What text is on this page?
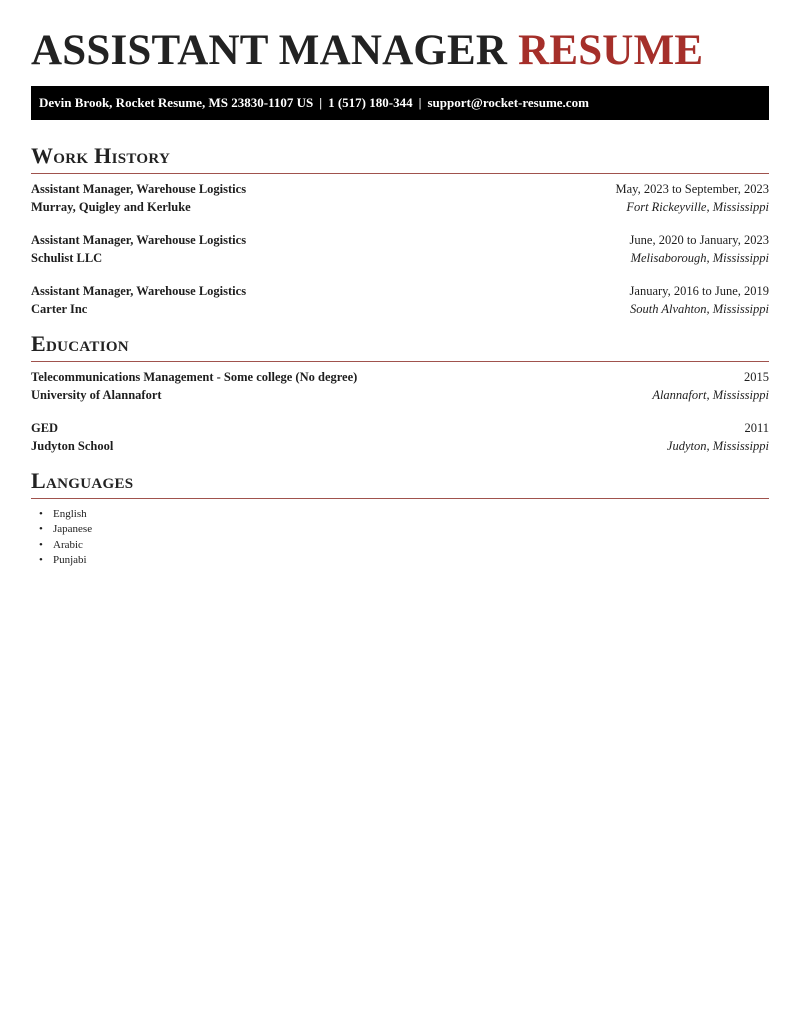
ASSISTANT MANAGER RESUME
Devin Brook, Rocket Resume, MS 23830-1107 US | 1 (517) 180-344 | support@rocket-resume.com
Work History
Assistant Manager, Warehouse Logistics	May, 2023 to September, 2023
Murray, Quigley and Kerluke	Fort Rickeyville, Mississippi
Assistant Manager, Warehouse Logistics	June, 2020 to January, 2023
Schulist LLC	Melisaborough, Mississippi
Assistant Manager, Warehouse Logistics	January, 2016 to June, 2019
Carter Inc	South Alvahton, Mississippi
Education
Telecommunications Management - Some college (No degree)	2015
University of Alannafort	Alannafort, Mississippi
GED	2011
Judyton School	Judyton, Mississippi
Languages
• English
• Japanese
• Arabic
• Punjabi
